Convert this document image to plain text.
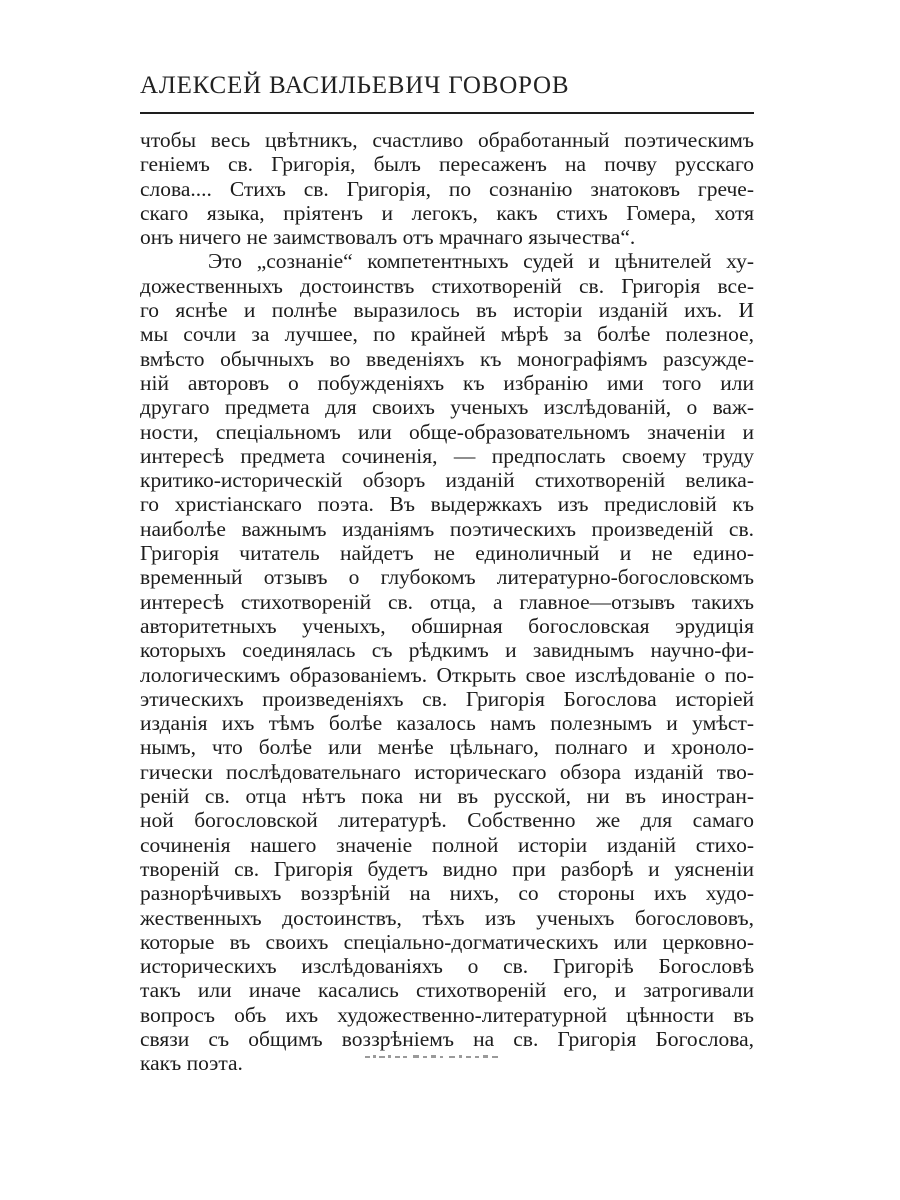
АЛЕКСЕЙ ВАСИЛЬЕВИЧ ГОВОРОВ
чтобы весь цвѣтникъ, счастливо обработанный поэтическимъ
геніемъ св. Григорія, былъ пересаженъ на почву русскаго
слова.... Стихъ св. Григорія, по сознанію знатоковъ грече-
скаго языка, пріятенъ и легокъ, какъ стихъ Гомера, хотя
онъ ничего не заимствовалъ отъ мрачнаго язычества“.
Это „сознаніе“ компетентныхъ судей и цѣнителей ху-
дожественныхъ достоинствъ стихотвореній св. Григорія все-
го яснѣе и полнѣе выразилось въ исторіи изданій ихъ. И
мы сочли за лучшее, по крайней мѣрѣ за болѣе полезное,
вмѣсто обычныхъ во введеніяхъ къ монографіямъ разсужде-
ній авторовъ о побужденіяхъ къ избранію ими того или
другаго предмета для своихъ ученыхъ изслѣдованій, о важ-
ности, спеціальномъ или обще-образовательномъ значеніи и
интересѣ предмета сочиненія, — предпослать своему труду
критико-историческій обзоръ изданій стихотвореній велика-
го христіанскаго поэта. Въ выдержкахъ изъ предисловій къ
наиболѣе важнымъ изданіямъ поэтическихъ произведеній св.
Григорія читатель найдетъ не единоличный и не едино-
временный отзывъ о глубокомъ литературно-богословскомъ
интересѣ стихотвореній св. отца, а главное—отзывъ такихъ
авторитетныхъ ученыхъ, обширная богословская эрудиція
которыхъ соединялась съ рѣдкимъ и завиднымъ научно-фи-
лологическимъ образованіемъ. Открыть свое изслѣдованіе о по-
этическихъ произведеніяхъ св. Григорія Богослова исторіей
изданія ихъ тѣмъ болѣе казалось намъ полезнымъ и умѣст-
нымъ, что болѣе или менѣе цѣльнаго, полнаго и хроноло-
гически послѣдовательнаго историческаго обзора изданій тво-
реній св. отца нѣтъ пока ни въ русской, ни въ иностран-
ной богословской литературѣ. Собственно же для самаго
сочиненія нашего значеніе полной исторіи изданій стихо-
твореній св. Григорія будетъ видно при разборѣ и уясненіи
разнорѣчивыхъ воззрѣній на нихъ, со стороны ихъ худо-
жественныхъ достоинствъ, тѣхъ изъ ученыхъ богослововъ,
которые въ своихъ спеціально-догматическихъ или церковно-
историческихъ изслѣдованіяхъ о св. Григоріѣ Богословѣ
такъ или иначе касались стихотвореній его, и затрогивали
вопросъ объ ихъ художественно-литературной цѣнности въ
связи съ общимъ воззрѣніемъ на св. Григорія Богослова,
какъ поэта.
